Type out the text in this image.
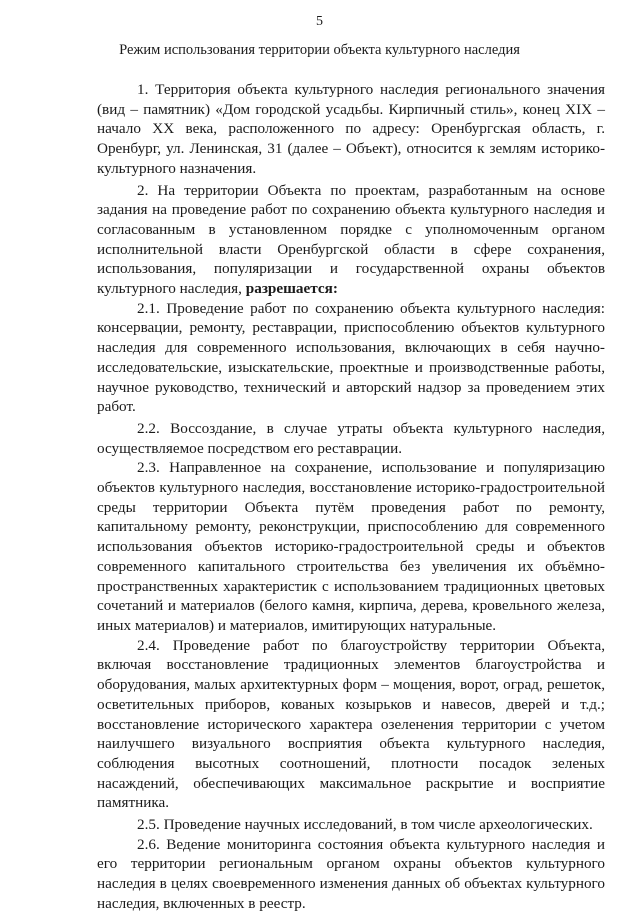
5
Режим использования территории объекта культурного наследия

1. Территория объекта культурного наследия регионального значения (вид – памятник) «Дом городской усадьбы. Кирпичный стиль», конец XIX – начало XX века, расположенного по адресу: Оренбургская область, г. Оренбург, ул. Ленинская, 31 (далее – Объект), относится к землям историко-культурного назначения.

2. На территории Объекта по проектам, разработанным на основе задания на проведение работ по сохранению объекта культурного наследия и согласованным в установленном порядке с уполномоченным органом исполнительной власти Оренбургской области в сфере сохранения, использования, популяризации и государственной охраны объектов культурного наследия, разрешается:

2.1. Проведение работ по сохранению объекта культурного наследия: консервации, ремонту, реставрации, приспособлению объектов культурного наследия для современного использования, включающих в себя научно-исследовательские, изыскательские, проектные и производственные работы, научное руководство, технический и авторский надзор за проведением этих работ.

2.2. Воссоздание, в случае утраты объекта культурного наследия, осуществляемое посредством его реставрации.

2.3. Направленное на сохранение, использование и популяризацию объектов культурного наследия, восстановление историко-градостроительной среды территории Объекта путём проведения работ по ремонту, капитальному ремонту, реконструкции, приспособлению для современного использования объектов историко-градостроительной среды и объектов современного капитального строительства без увеличения их объёмно-пространственных характеристик с использованием традиционных цветовых сочетаний и материалов (белого камня, кирпича, дерева, кровельного железа, иных материалов) и материалов, имитирующих натуральные.

2.4. Проведение работ по благоустройству территории Объекта, включая восстановление традиционных элементов благоустройства и оборудования, малых архитектурных форм – мощения, ворот, оград, решеток, осветительных приборов, кованых козырьков и навесов, дверей и т.д.; восстановление исторического характера озеленения территории с учетом наилучшего визуального восприятия объекта культурного наследия, соблюдения высотных соотношений, плотности посадок зеленых насаждений, обеспечивающих максимальное раскрытие и восприятие памятника.

2.5. Проведение научных исследований, в том числе археологических.

2.6. Ведение мониторинга состояния объекта культурного наследия и его территории региональным органом охраны объектов культурного наследия в целях своевременного изменения данных об объектах культурного наследия, включенных в реестр.
